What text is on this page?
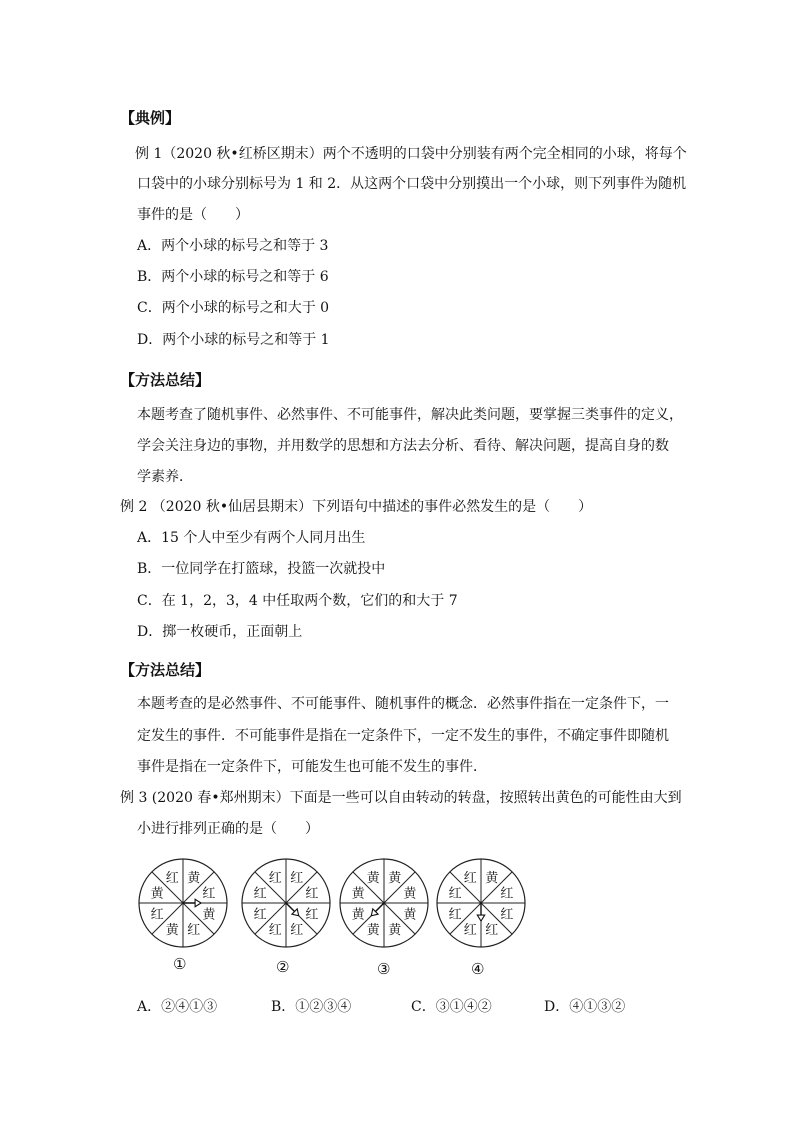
【典例】
例 1（2020 秋•红桥区期末）两个不透明的口袋中分别装有两个完全相同的小球，将每个
口袋中的小球分别标号为 1 和 2．从这两个口袋中分别摸出一个小球，则下列事件为随机
事件的是（　　）
A．两个小球的标号之和等于 3
B．两个小球的标号之和等于 6
C．两个小球的标号之和大于 0
D．两个小球的标号之和等于 1
【方法总结】
本题考查了随机事件、必然事件、不可能事件，解决此类问题，要掌握三类事件的定义，
学会关注身边的事物，并用数学的思想和方法去分析、看待、解决问题，提高自身的数
学素养．
例 2 （2020 秋•仙居县期末）下列语句中描述的事件必然发生的是（　　）
A．15 个人中至少有两个人同月出生
B．一位同学在打篮球，投篮一次就投中
C．在 1，2，3，4 中任取两个数，它们的和大于 7
D．掷一枚硬币，正面朝上
【方法总结】
本题考查的是必然事件、不可能事件、随机事件的概念．必然事件指在一定条件下，一
定发生的事件．不可能事件是指在一定条件下，一定不发生的事件，不确定事件即随机
事件是指在一定条件下，可能发生也可能不发生的事件．
例 3 (2020 春•郑州期末）下面是一些可以自由转动的转盘，按照转出黄色的可能性由大到
小进行排列正确的是（　　）
黄
红
黄
红
黄
红
黄
红	红
红
红
红
红
红
红
红	黄
黄
黄
黄
黄
黄
黄
黄	黄
红
红
红
红
红
红
红
①	②	③	④
A．②④①③	B．①②③④	C．③①④②	D．④①③②
